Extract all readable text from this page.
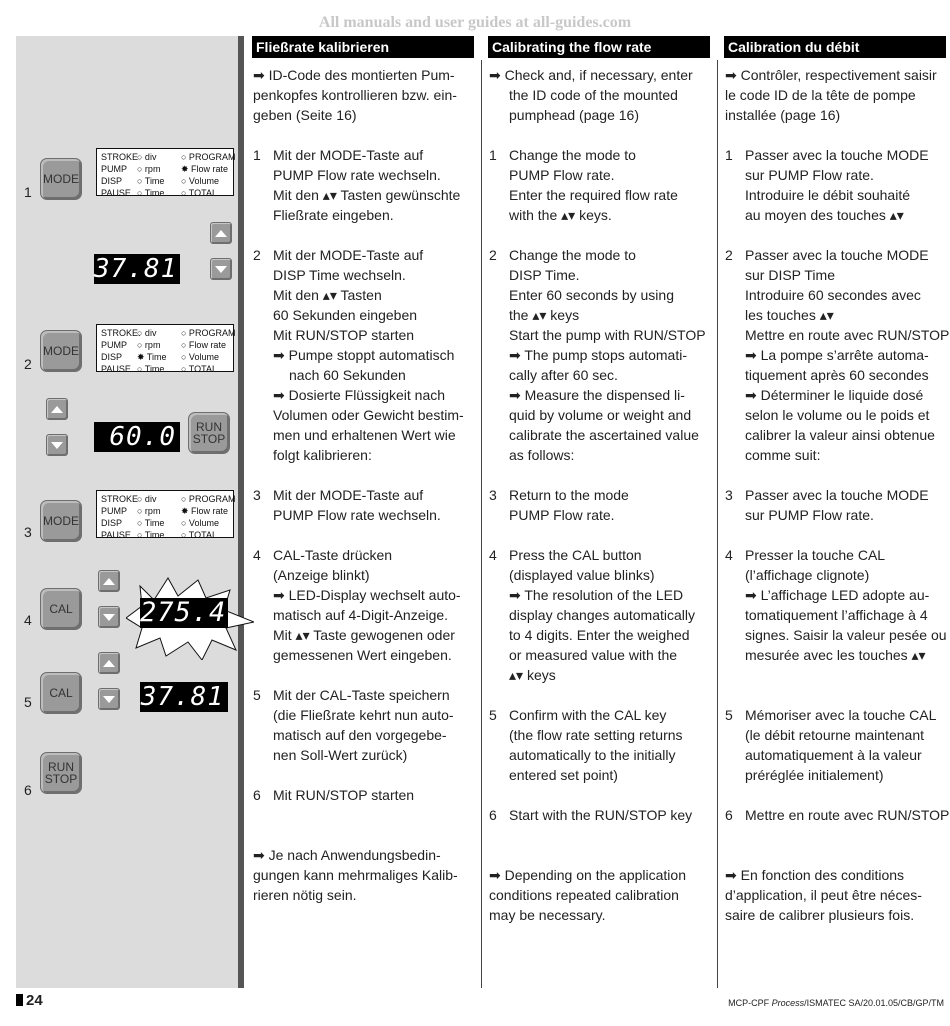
All manuals and user guides at all-guides.com
1
2
3
4
5
6
MODE
STROKE
PUMP
DISP
PAUSE
○ div
○ rpm
○ Time
○ Time
○ PROGRAM
✸ Flow rate
○ Volume
○ TOTAL
37.81
MODE
STROKE.
PUMP
DISP
PAUSE
○ div
○ rpm
✸ Time
○ Time
○ PROGRAM
○ Flow rate
○ Volume
○ TOTAL
60.0	RUN
STOP
MODE
STROKE
PUMP
DISP
PAUSE
○ div
○ rpm
○ Time
○ Time
○ PROGRAM
✸ Flow rate
○ Volume
○ TOTAL
CAL 275.4
CAL	37.81
RUN
STOP
Fließrate kalibrieren	Calibrating the flow rate	Calibration du débit
➡ ID-Code des montierten Pum-
penkopfes kontrollieren bzw. ein-
geben (Seite 16)
1 Mit der MODE-Taste auf
PUMP Flow rate wechseln.
Mit den ▴▾ Tasten gewünschte
Fließrate eingeben.
2 Mit der MODE-Taste auf
DISP Time wechseln.
Mit den ▴▾ Tasten
60 Sekunden eingeben
Mit RUN/STOP starten
➡ Pumpe stoppt automatisch
nach 60 Sekunden
➡ Dosierte Flüssigkeit nach
Volumen oder Gewicht bestim-
men und erhaltenen Wert wie
folgt kalibrieren:
3 Mit der MODE-Taste auf
PUMP Flow rate wechseln.
4 CAL-Taste drücken
(Anzeige blinkt)
➡ LED-Display wechselt auto-
matisch auf 4-Digit-Anzeige.
Mit ▴▾ Taste gewogenen oder
gemessenen Wert eingeben.
5 Mit der CAL-Taste speichern
(die Fließrate kehrt nun auto-
matisch auf den vorgegebe-
nen Soll-Wert zurück)
6 Mit RUN/STOP starten
➡ Je nach Anwendungsbedin-
gungen kann mehrmaliges Kalib-
rieren nötig sein.
➡ Check and, if necessary, enter
the ID code of the mounted
pumphead (page 16)
1 Change the mode to
PUMP Flow rate.
Enter the required flow rate
with the ▴▾ keys.
2 Change the mode to
DISP Time.
Enter 60 seconds by using
the ▴▾ keys
Start the pump with RUN/STOP
➡ The pump stops automati-
cally after 60 sec.
➡ Measure the dispensed li-
quid by volume or weight and
calibrate the ascertained value
as follows:
3 Return to the mode
PUMP Flow rate.
4 Press the CAL button
(displayed value blinks)
➡ The resolution of the LED
display changes automatically
to 4 digits. Enter the weighed
or measured value with the
▴▾ keys
5 Confirm with the CAL key
(the flow rate setting returns
automatically to the initially
entered set point)
6 Start with the RUN/STOP key
➡ Depending on the application
conditions repeated calibration
may be necessary.
➡ Contrôler, respectivement saisir
le code ID de la tête de pompe
installée (page 16)
1 Passer avec la touche MODE
sur PUMP Flow rate.
Introduire le débit souhaité
au moyen des touches ▴▾
2 Passer avec la touche MODE
sur DISP Time
Introduire 60 secondes avec
les touches ▴▾
Mettre en route avec RUN/STOP
➡ La pompe s’arrête automa-
tiquement après 60 secondes
➡ Déterminer le liquide dosé
selon le volume ou le poids et
calibrer la valeur ainsi obtenue
comme suit:
3 Passer avec la touche MODE
sur PUMP Flow rate.
4 Presser la touche CAL
(l’affichage clignote)
➡ L’affichage LED adopte au-
tomatiquement l’affichage à 4
signes. Saisir la valeur pesée ou
mesurée avec les touches ▴▾
5 Mémoriser avec la touche CAL
(le débit retourne maintenant
automatiquement à la valeur
préréglée initialement)
6 Mettre en route avec RUN/STOP
➡ En fonction des conditions
d’application, il peut être néces-
saire de calibrer plusieurs fois.
24	MCP-CPF Process/ISMATEC SA/20.01.05/CB/GP/TM
